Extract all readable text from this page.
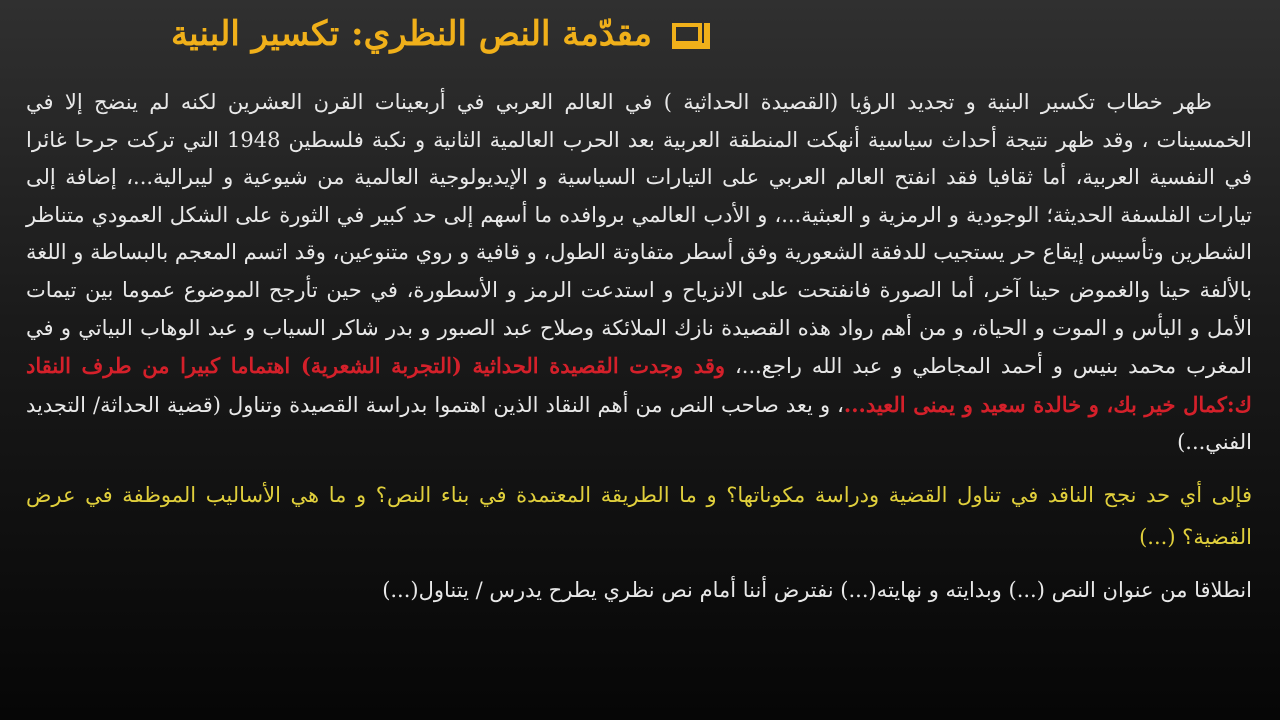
مقدّمة النص النظري: تكسير البنية

ظهر خطاب تكسير البنية و تجديد الرؤيا (القصيدة الحداثية ) في العالم العربي في أربعينات القرن العشرين لكنه لم ينضج إلا في الخمسينات ، وقد ظهر نتيجة أحداث سياسية أنهكت المنطقة العربية بعد الحرب العالمية الثانية و نكبة فلسطين 1948 التي تركت جرحا غائرا في النفسية العربية، أما ثقافيا فقد انفتح العالم العربي على التيارات السياسية و الإيديولوجية العالمية من شيوعية و ليبرالية...، إضافة إلى تيارات الفلسفة الحديثة؛ الوجودية و الرمزية و العبثية...، و الأدب العالمي بروافده ما أسهم إلى حد كبير في الثورة على الشكل العمودي متناظر الشطرين وتأسيس إيقاع حر يستجيب للدفقة الشعورية وفق أسطر متفاوتة الطول، و قافية و روي متنوعين، وقد اتسم المعجم بالبساطة و اللغة بالألفة حينا والغموض حينا آخر، أما الصورة فانفتحت على الانزياح و استدعت الرمز و الأسطورة، في حين تأرجح الموضوع عموما بين تيمات الأمل و اليأس و الموت و الحياة، و من أهم رواد هذه القصيدة نازك الملائكة وصلاح عبد الصبور و بدر شاكر السياب و عبد الوهاب البياتي و في المغرب محمد بنيس و أحمد المجاطي و عبد الله راجع...، وقد وجدت القصيدة الحداثية (التجربة الشعرية) اهتماما كبيرا من طرف النقاد ك:كمال خير بك، و خالدة سعيد و يمنى العيد...، و يعد صاحب النص من أهم النقاد الذين اهتموا بدراسة القصيدة وتناول (قضية الحداثة/ التجديد الفني...)

فإلى أي حد نجح الناقد في تناول القضية ودراسة مكوناتها؟ و ما الطريقة المعتمدة في بناء النص؟ و ما هي الأساليب الموظفة في عرض القضية؟ (...)

انطلاقا من عنوان النص (...) وبدايته و نهايته(...) نفترض أننا أمام نص نظري يطرح يدرس / يتناول(...)
